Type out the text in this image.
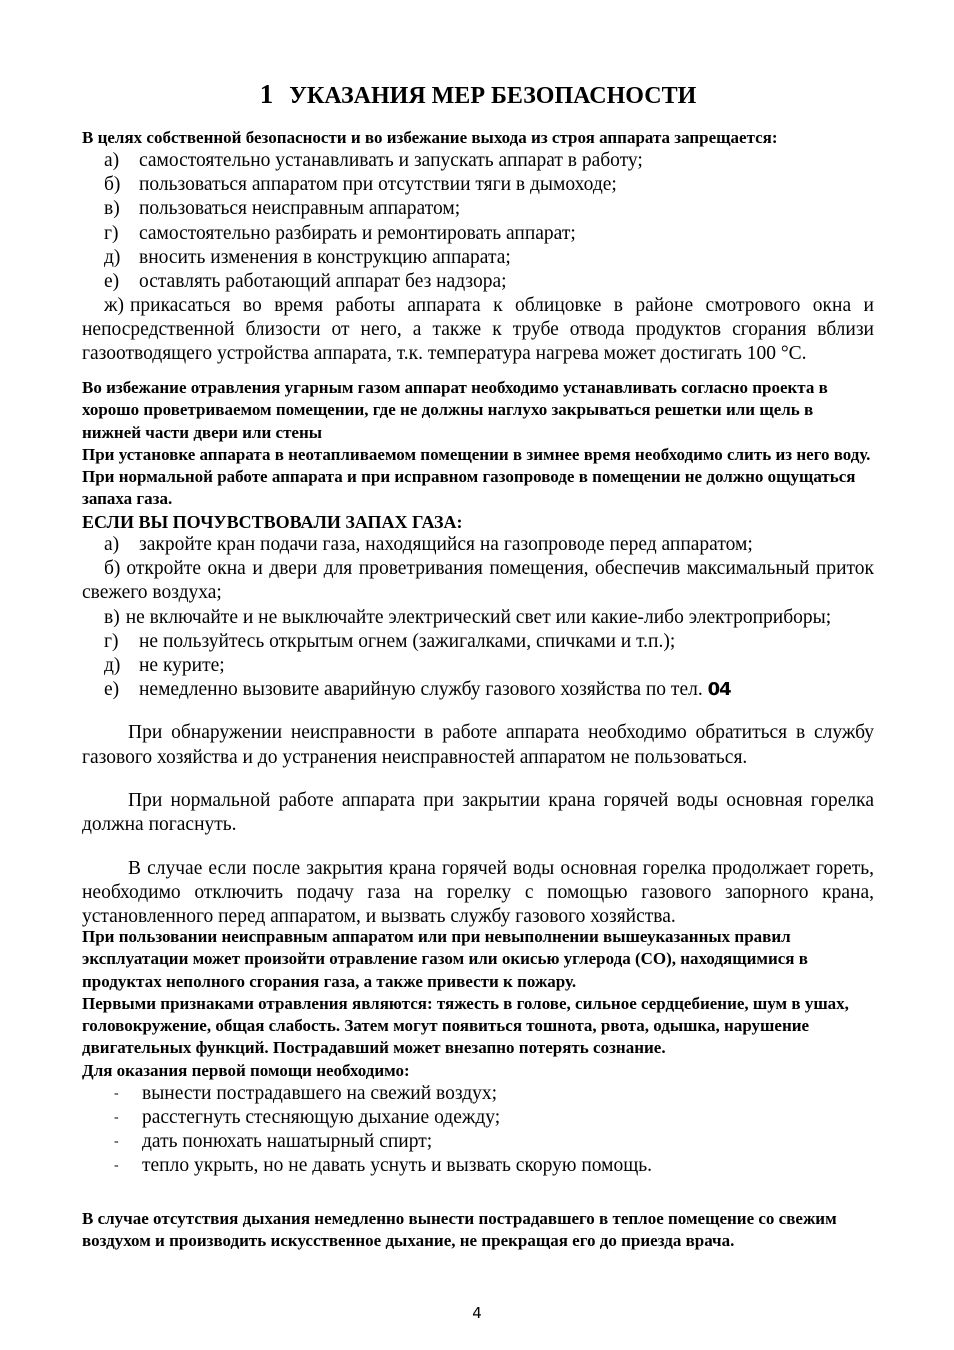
1 УКАЗАНИЯ МЕР БЕЗОПАСНОСТИ

В целях собственной безопасности и во избежание выхода из строя аппарата запрещается:

а) самостоятельно устанавливать и запускать аппарат в работу;
б) пользоваться аппаратом при отсутствии тяги в дымоходе;
в) пользоваться неисправным аппаратом;
г) самостоятельно разбирать и ремонтировать аппарат;
д) вносить изменения в конструкцию аппарата;
е) оставлять работающий аппарат без надзора;
ж) прикасаться во время работы аппарата к облицовке в районе смотрового окна и непосредственной близости от него, а также к трубе отвода продуктов сгорания вблизи газоотводящего устройства аппарата, т.к. температура нагрева может достигать 100 °С.

Во избежание отравления угарным газом аппарат необходимо устанавливать согласно проекта в хорошо проветриваемом помещении, где не должны наглухо закрываться решетки или щель в нижней части двери или стены

При установке аппарата в неотапливаемом помещении в зимнее время необходимо слить из него воду.

При нормальной работе аппарата и при исправном газопроводе в помещении не должно ощущаться запаха газа.

ЕСЛИ ВЫ ПОЧУВСТВОВАЛИ ЗАПАХ ГАЗА:

а) закройте кран подачи газа, находящийся на газопроводе перед аппаратом;
б) откройте окна и двери для проветривания помещения, обеспечив максимальный приток свежего воздуха;
в) не включайте и не выключайте электрический свет или какие-либо электроприборы;
г) не пользуйтесь открытым огнем (зажигалками, спичками и т.п.);
д) не курите;
е) немедленно вызовите аварийную службу газового хозяйства по тел. 04

При обнаружении неисправности в работе аппарата необходимо обратиться в службу газового хозяйства и до устранения неисправностей аппаратом не пользоваться.

При нормальной работе аппарата при закрытии крана горячей воды основная горелка должна погаснуть.

В случае если после закрытия крана горячей воды основная горелка продолжает гореть, необходимо отключить подачу газа на горелку с помощью газового запорного крана, установленного перед аппаратом, и вызвать службу газового хозяйства.

При пользовании неисправным аппаратом или при невыполнении вышеуказанных правил эксплуатации может произойти отравление газом или окисью углерода (СО), находящимися в продуктах неполного сгорания газа, а также привести к пожару.

Первыми признаками отравления являются: тяжесть в голове, сильное сердцебиение, шум в ушах, головокружение, общая слабость. Затем могут появиться тошнота, рвота, одышка, нарушение двигательных функций. Пострадавший может внезапно потерять сознание.

Для оказания первой помощи необходимо:

- вынести пострадавшего на свежий воздух;
- расстегнуть стесняющую дыхание одежду;
- дать понюхать нашатырный спирт;
- тепло укрыть, но не давать уснуть и вызвать скорую помощь.

В случае отсутствия дыхания немедленно вынести пострадавшего в теплое помещение со свежим воздухом и производить искусственное дыхание, не прекращая его до приезда врача.

4
